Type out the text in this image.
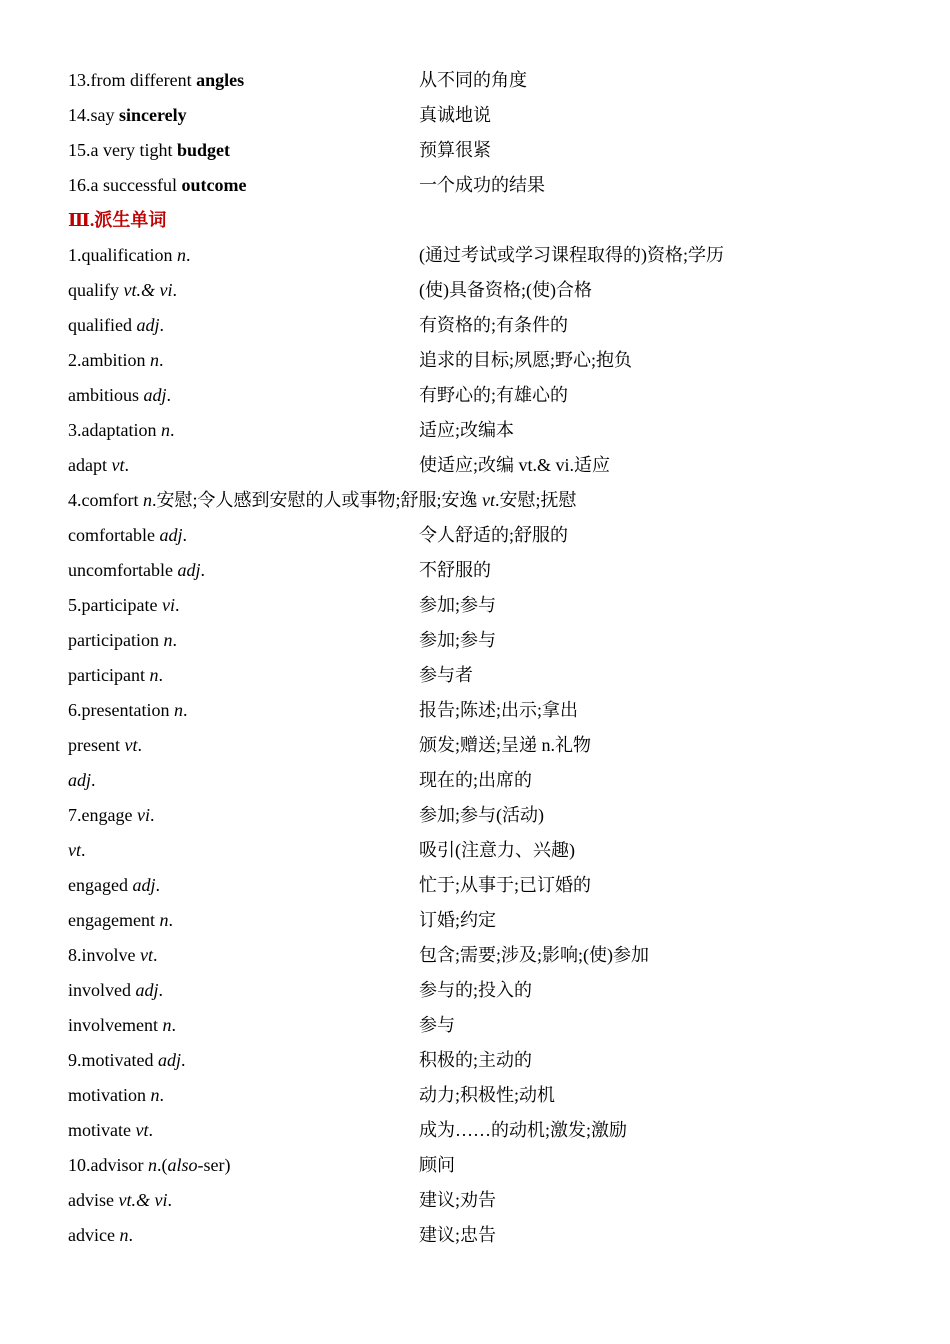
13.from different angles	从不同的角度
14.say sincerely	真诚地说
15.a very tight budget	预算很紧
16.a successful outcome	一个成功的结果
Ⅲ.派生单词
1.qualification n.	(通过考试或学习课程取得的)资格;学历
qualify vt.& vi.	(使)具备资格;(使)合格
qualified adj.	有资格的;有条件的
2.ambition n.	追求的目标;夙愿;野心;抱负
ambitious adj.	有野心的;有雄心的
3.adaptation n.	适应;改编本
adapt vt.	使适应;改编 vt.& vi.适应
4.comfort n.安慰;令人感到安慰的人或事物;舒服;安逸 vt.安慰;抚慰
comfortable adj.	令人舒适的;舒服的
uncomfortable adj.	不舒服的
5.participate vi.	参加;参与
participation n.	参加;参与
participant n.	参与者
6.presentation n.	报告;陈述;出示;拿出
present vt.	颁发;赠送;呈递 n.礼物
adj.	现在的;出席的
7.engage vi.	参加;参与(活动)
vt.	吸引(注意力、兴趣)
engaged adj.	忙于;从事于;已订婚的
engagement n.	订婚;约定
8.involve vt.	包含;需要;涉及;影响;(使)参加
involved adj.	参与的;投入的
involvement n.	参与
9.motivated adj.	积极的;主动的
motivation n.	动力;积极性;动机
motivate vt.	成为……的动机;激发;激励
10.advisor n.(also-ser)	顾问
advise vt.& vi.	建议;劝告
advice n.	建议;忠告
